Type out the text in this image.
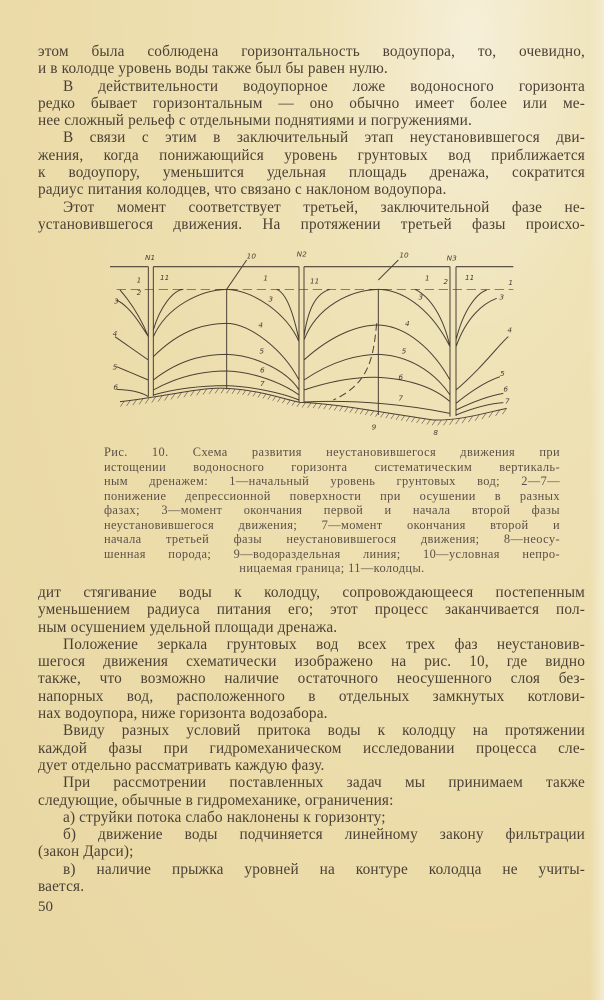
этом была соблюдена горизонтальность водоупора, то, очевидно,
и в колодце уровень воды также был бы равен нулю.
В действительности водоупорное ложе водоносного горизонта
редко бывает горизонтальным — оно обычно имеет более или ме-
нее сложный рельеф с отдельными поднятиями и погружениями.
В связи с этим в заключительный этап неустановившегося дви-
жения, когда понижающийся уровень грунтовых вод приближается
к водоупору, уменьшится удельная площадь дренажа, сократится
радиус питания колодцев, что связано с наклоном водоупора.
Этот момент соответствует третьей, заключительной фазе не-
установившегося движения. На протяжении третьей фазы происхо-
N1	N2	N3
10	10
11	11	11
1	1	1	1
2
2
3	3	3	3
4
4	4
4
5
5	5
5
6
6
6
6
7
7	7
9
8
Рис. 10. Схема развития неустановившегося движения при
истощении водоносного горизонта систематическим вертикаль-
ным дренажем: 1—начальный уровень грунтовых вод; 2—7—
понижение депрессионной поверхности при осушении в разных
фазах; 3—момент окончания первой и начала второй фазы
неустановившегося движения; 7—момент окончания второй и
начала третьей фазы неустановившегося движения; 8—неосу-
шенная порода; 9—водораздельная линия; 10—условная непро-
ницаемая граница; 11—колодцы.
дит стягивание воды к колодцу, сопровождающееся постепенным
уменьшением радиуса питания его; этот процесс заканчивается пол-
ным осушением удельной площади дренажа.
Положение зеркала грунтовых вод всех трех фаз неустановив-
шегося движения схематически изображено на рис. 10, где видно
также, что возможно наличие остаточного неосушенного слоя без-
напорных вод, расположенного в отдельных замкнутых котлови-
нах водоупора, ниже горизонта водозабора.
Ввиду разных условий притока воды к колодцу на протяжении
каждой фазы при гидромеханическом исследовании процесса сле-
дует отдельно рассматривать каждую фазу.
При рассмотрении поставленных задач мы принимаем также
следующие, обычные в гидромеханике, ограничения:
а) струйки потока слабо наклонены к горизонту;
б) движение воды подчиняется линейному закону фильтрации
(закон Дарси);
в) наличие прыжка уровней на контуре колодца не учиты-
вается.
50
